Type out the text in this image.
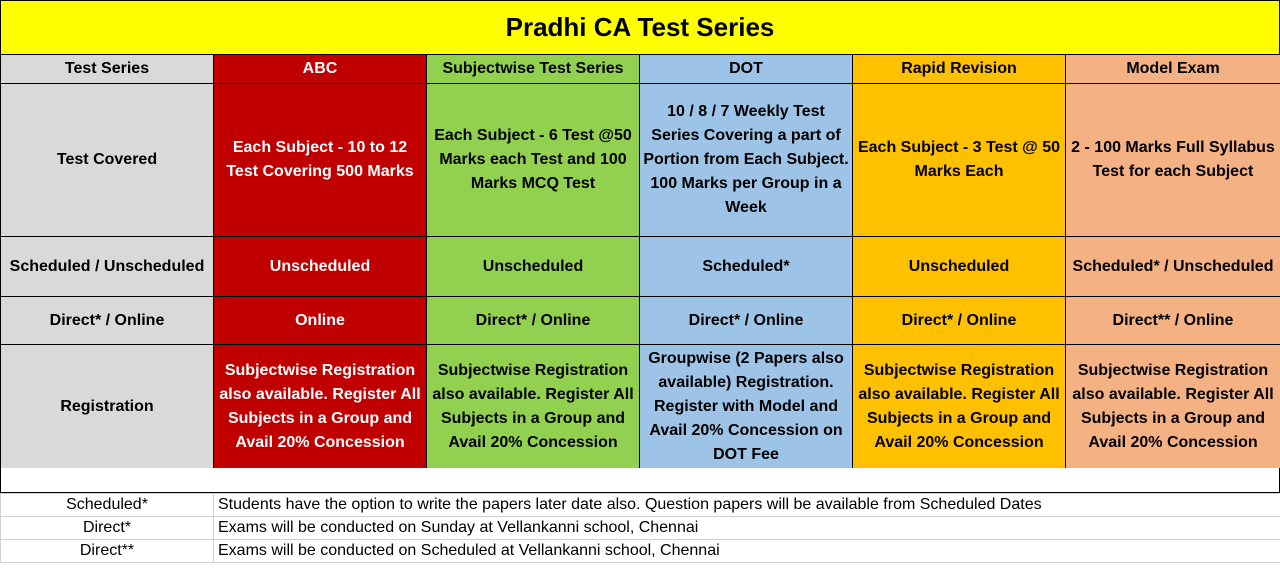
Pradhi CA Test Series
Test Series	ABC	Subjectwise Test Series	DOT	Rapid Revision	Model Exam
Test Covered	Each Subject - 10 to 12 Test Covering 500 Marks	Each Subject - 6 Test @50 Marks each Test and 100 Marks MCQ Test	10 / 8 / 7 Weekly Test Series Covering a part of Portion from Each Subject. 100 Marks per Group in a Week	Each Subject - 3 Test @ 50 Marks Each	2 - 100 Marks Full Syllabus Test for each Subject
Scheduled / Unscheduled	Unscheduled	Unscheduled	Scheduled*	Unscheduled	Scheduled* / Unscheduled
Direct* / Online	Online	Direct* / Online	Direct* / Online	Direct* / Online	Direct** / Online
Registration	Subjectwise Registration also available. Register All Subjects in a Group and Avail 20% Concession	Subjectwise Registration also available. Register All Subjects in a Group and Avail 20% Concession	Groupwise (2 Papers also available) Registration. Register with Model and Avail 20% Concession on DOT Fee	Subjectwise Registration also available. Register All Subjects in a Group and Avail 20% Concession	Subjectwise Registration also available. Register All Subjects in a Group and Avail 20% Concession
Scheduled*	Students have the option to write the papers later date also. Question papers will be available from Scheduled Dates
Direct*	Exams will be conducted on Sunday at Vellankanni school, Chennai
Direct**	Exams will be conducted on Scheduled at Vellankanni school, Chennai
